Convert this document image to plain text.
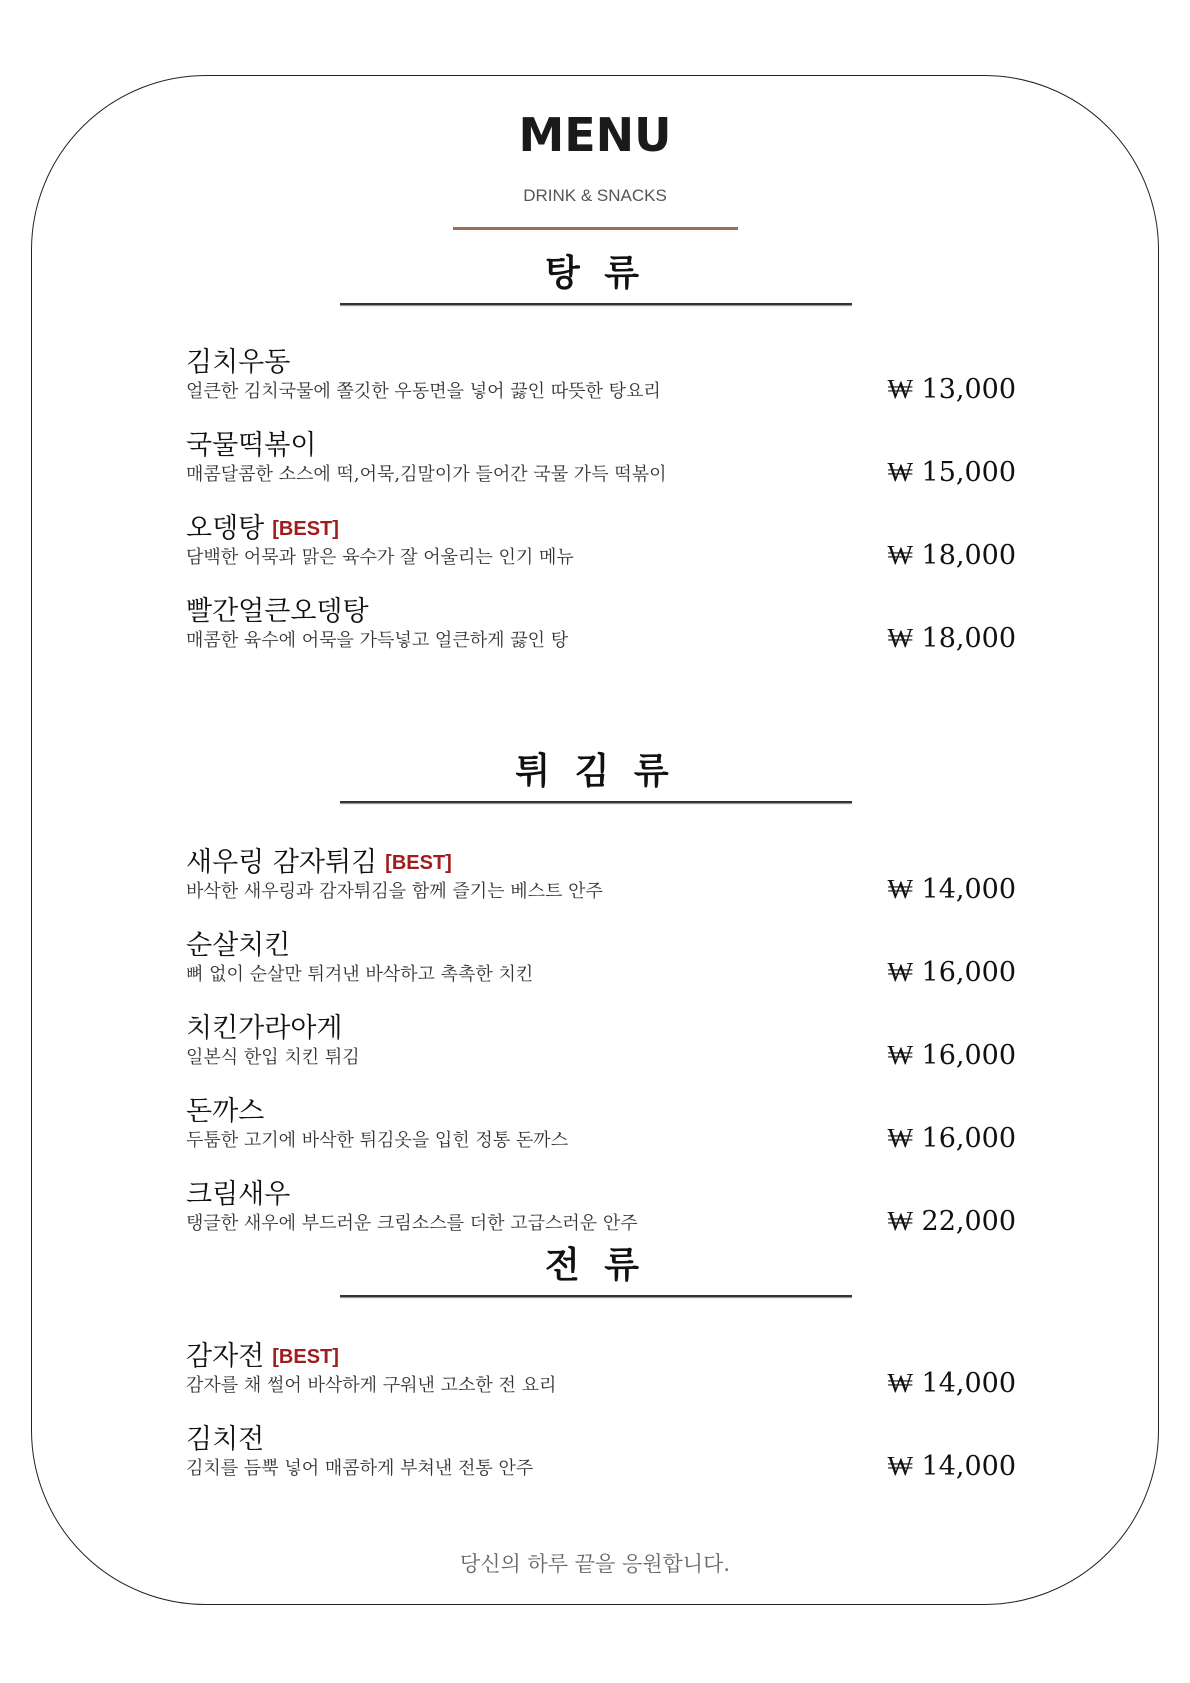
MENU
DRINK & SNACKS
탕 류
김치우동
얼큰한 김치국물에 쫄깃한 우동면을 넣어 끓인 따뜻한 탕요리	₩ 13,000
국물떡볶이
매콤달콤한 소스에 떡,어묵,김말이가 들어간 국물 가득 떡볶이	₩ 15,000
오뎅탕 [BEST]
담백한 어묵과 맑은 육수가 잘 어울리는 인기 메뉴	₩ 18,000
빨간얼큰오뎅탕
매콤한 육수에 어묵을 가득넣고 얼큰하게 끓인 탕	₩ 18,000
튀 김 류
새우링 감자튀김 [BEST]
바삭한 새우링과 감자튀김을 함께 즐기는 베스트 안주	₩ 14,000
순살치킨
뼈 없이 순살만 튀겨낸 바삭하고 촉촉한 치킨	₩ 16,000
치킨가라아게
일본식 한입 치킨 튀김	₩ 16,000
돈까스
두툼한 고기에 바삭한 튀김옷을 입힌 정통 돈까스	₩ 16,000
크림새우
탱글한 새우에 부드러운 크림소스를 더한 고급스러운 안주	₩ 22,000
전 류
감자전 [BEST]
감자를 채 썰어 바삭하게 구워낸 고소한 전 요리	₩ 14,000
김치전
김치를 듬뿍 넣어 매콤하게 부쳐낸 전통 안주	₩ 14,000
당신의 하루 끝을 응원합니다.
